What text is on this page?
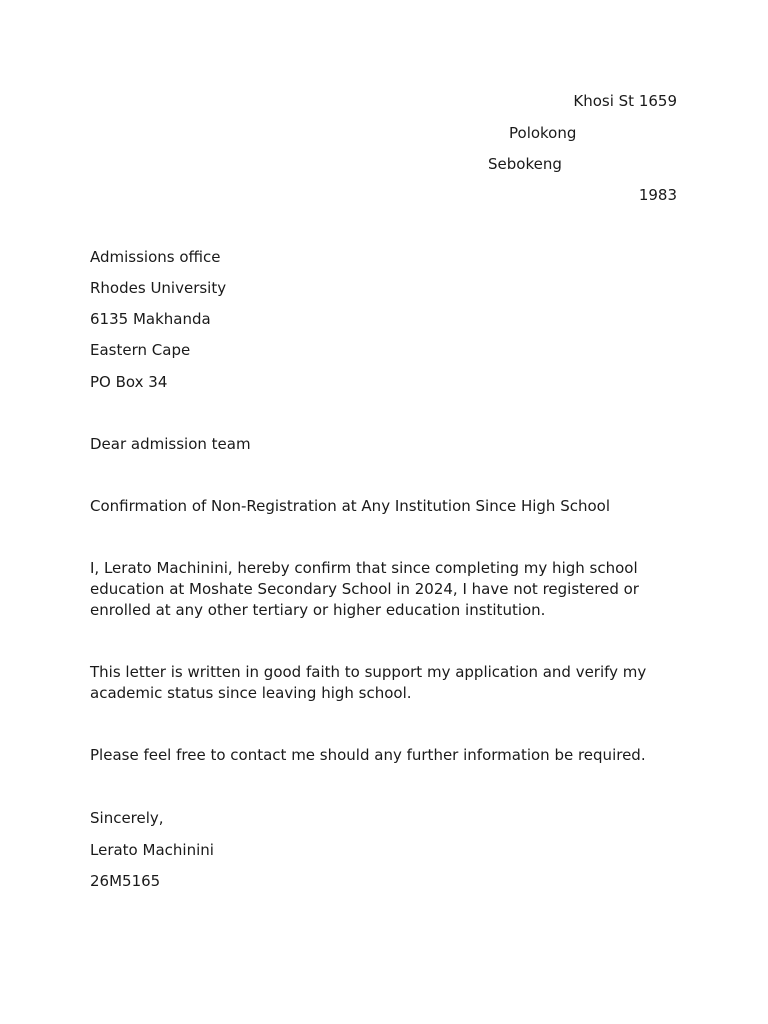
Khosi St 1659
Polokong
Sebokeng
1983
Admissions office
Rhodes University
6135 Makhanda
Eastern Cape
PO Box 34
Dear admission team
Confirmation of Non-Registration at Any Institution Since High School
I, Lerato Machinini, hereby confirm that since completing my high school education at Moshate Secondary School in 2024, I have not registered or enrolled at any other tertiary or higher education institution.
This letter is written in good faith to support my application and verify my academic status since leaving high school.
Please feel free to contact me should any further information be required.
Sincerely,
Lerato Machinini
26M5165
